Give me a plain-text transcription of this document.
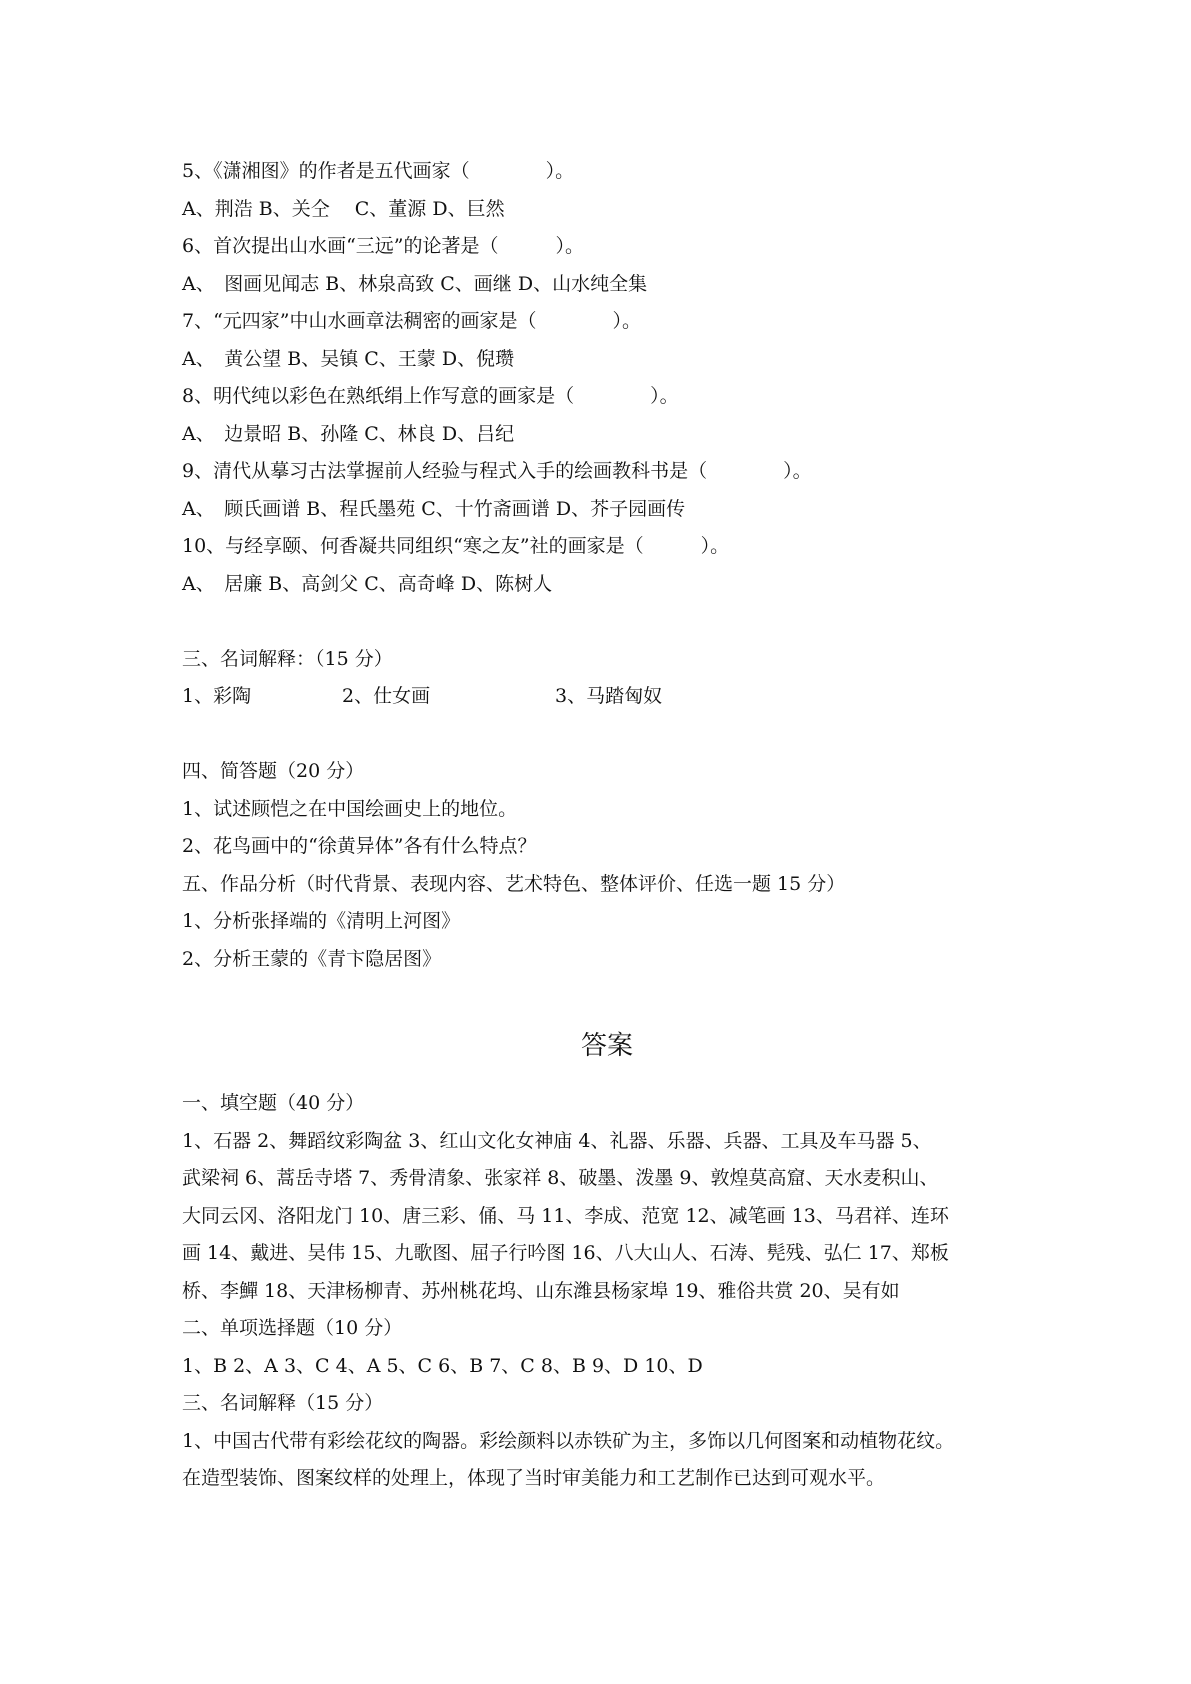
5、《潇湘图》的作者是五代画家（　　　　）。
A、荆浩 B、关仝　 C、董源 D、巨然
6、首次提出山水画“三远”的论著是（　　　）。
A、　图画见闻志 B、林泉高致 C、画继 D、山水纯全集
7、“元四家”中山水画章法稠密的画家是（　　　　）。
A、　黄公望 B、吴镇 C、王蒙 D、倪瓒
8、明代纯以彩色在熟纸绢上作写意的画家是（　　　　）。
A、　边景昭 B、孙隆 C、林良 D、吕纪
9、清代从摹习古法掌握前人经验与程式入手的绘画教科书是（　　　　）。
A、　顾氏画谱 B、程氏墨苑 C、十竹斋画谱 D、芥子园画传
10、与经享颐、何香凝共同组织“寒之友”社的画家是（　　　）。
A、　居廉 B、高剑父 C、高奇峰 D、陈树人
三、名词解释：（15 分）
1、彩陶	2、仕女画	3、马踏匈奴
四、简答题（20 分）
1、试述顾恺之在中国绘画史上的地位。
2、花鸟画中的“徐黄异体”各有什么特点？
五、作品分析（时代背景、表现内容、艺术特色、整体评价、任选一题 15 分）
1、分析张择端的《清明上河图》
2、分析王蒙的《青卞隐居图》
答案
一、填空题（40 分）
1、石器 2、舞蹈纹彩陶盆 3、红山文化女神庙 4、礼器、乐器、兵器、工具及车马器 5、
武梁祠 6、蒿岳寺塔 7、秀骨清象、张家祥 8、破墨、泼墨 9、敦煌莫高窟、天水麦积山、
大同云冈、洛阳龙门 10、唐三彩、俑、马 11、李成、范宽 12、减笔画 13、马君祥、连环
画 14、戴进、吴伟 15、九歌图、屈子行吟图 16、八大山人、石涛、髡残、弘仁 17、郑板
桥、李鱓 18、天津杨柳青、苏州桃花坞、山东潍县杨家埠 19、雅俗共赏 20、吴有如
二、单项选择题（10 分）
1、B 2、A 3、C 4、A 5、C 6、B 7、C 8、B 9、D 10、D
三、名词解释（15 分）
1、中国古代带有彩绘花纹的陶器。彩绘颜料以赤铁矿为主，多饰以几何图案和动植物花纹。
在造型装饰、图案纹样的处理上，体现了当时审美能力和工艺制作已达到可观水平。
